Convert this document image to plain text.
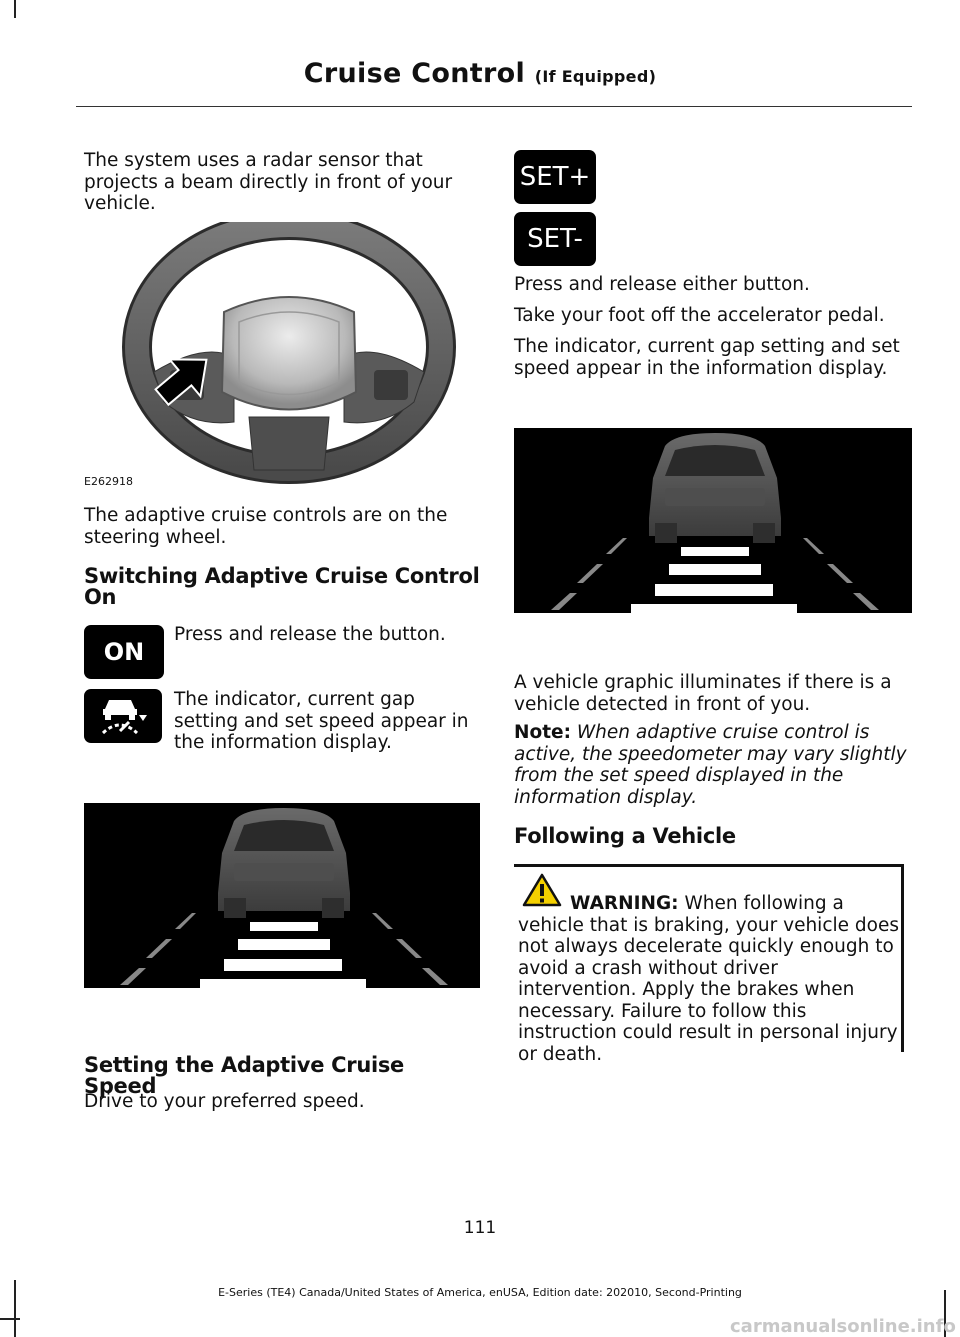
Cruise Control (If Equipped)
The system uses a radar sensor that projects a beam directly in front of your vehicle.
E262918
The adaptive cruise controls are on the steering wheel.
Switching Adaptive Cruise Control On
ON
Press and release the button.
The indicator, current gap setting and set speed appear in the information display.
Setting the Adaptive Cruise Speed
Drive to your preferred speed.
SET+
SET-
Press and release either button.
Take your foot off the accelerator pedal.
The indicator, current gap setting and set speed appear in the information display.
A vehicle graphic illuminates if there is a vehicle detected in front of you.
Note: When adaptive cruise control is active, the speedometer may vary slightly from the set speed displayed in the information display.
Following a Vehicle
WARNING: When following a vehicle that is braking, your vehicle does not always decelerate quickly enough to avoid a crash without driver intervention. Apply the brakes when necessary. Failure to follow this instruction could result in personal injury or death.
111
E-Series (TE4) Canada/United States of America, enUSA, Edition date: 202010, Second-Printing
carmanualsonline.info
